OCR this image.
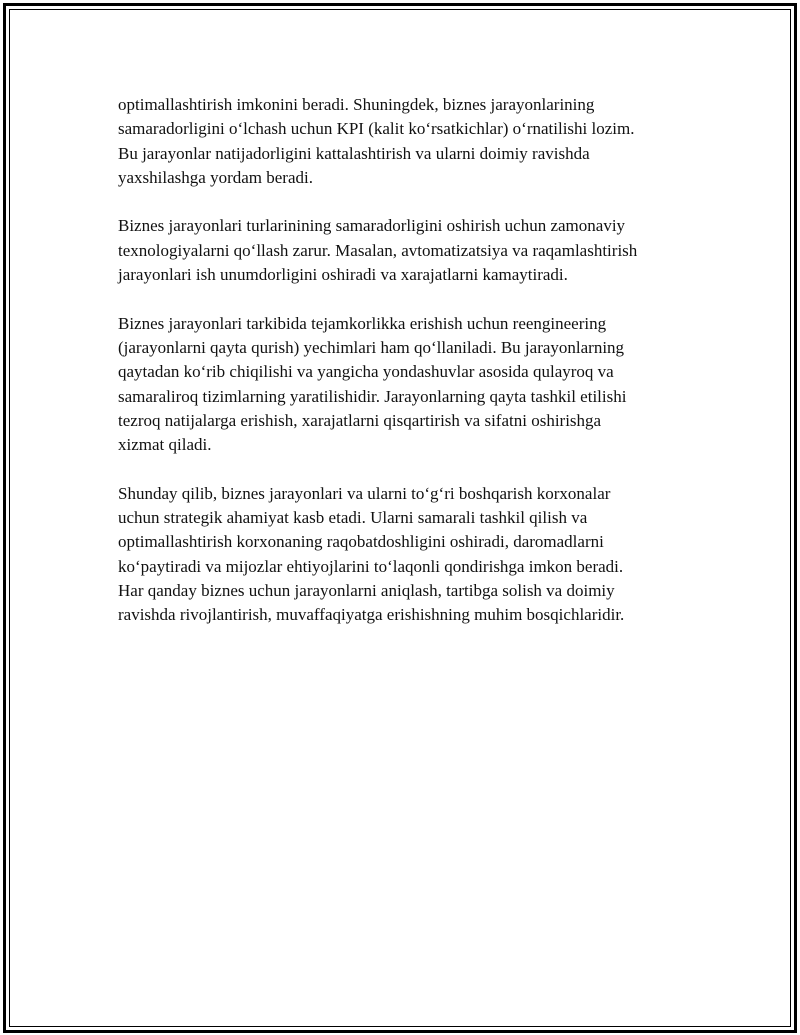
optimallashtirish imkonini beradi. Shuningdek, biznes jarayonlarining
samaradorligini o‘lchash uchun KPI (kalit ko‘rsatkichlar) o‘rnatilishi lozim.
Bu jarayonlar natijadorligini kattalashtirish va ularni doimiy ravishda
yaxshilashga yordam beradi.

Biznes jarayonlari turlarinining samaradorligini oshirish uchun zamonaviy
texnologiyalarni qo‘llash zarur. Masalan, avtomatizatsiya va raqamlashtirish
jarayonlari ish unumdorligini oshiradi va xarajatlarni kamaytiradi.

Biznes jarayonlari tarkibida tejamkorlikka erishish uchun reengineering
(jarayonlarni qayta qurish) yechimlari ham qo‘llaniladi. Bu jarayonlarning
qaytadan ko‘rib chiqilishi va yangicha yondashuvlar asosida qulayroq va
samaraliroq tizimlarning yaratilishidir. Jarayonlarning qayta tashkil etilishi
tezroq natijalarga erishish, xarajatlarni qisqartirish va sifatni oshirishga
xizmat qiladi.

Shunday qilib, biznes jarayonlari va ularni to‘g‘ri boshqarish korxonalar
uchun strategik ahamiyat kasb etadi. Ularni samarali tashkil qilish va
optimallashtirish korxonaning raqobatdoshligini oshiradi, daromadlarni
ko‘paytiradi va mijozlar ehtiyojlarini to‘laqonli qondirishga imkon beradi.
Har qanday biznes uchun jarayonlarni aniqlash, tartibga solish va doimiy
ravishda rivojlantirish, muvaffaqiyatga erishishning muhim bosqichlaridir.
